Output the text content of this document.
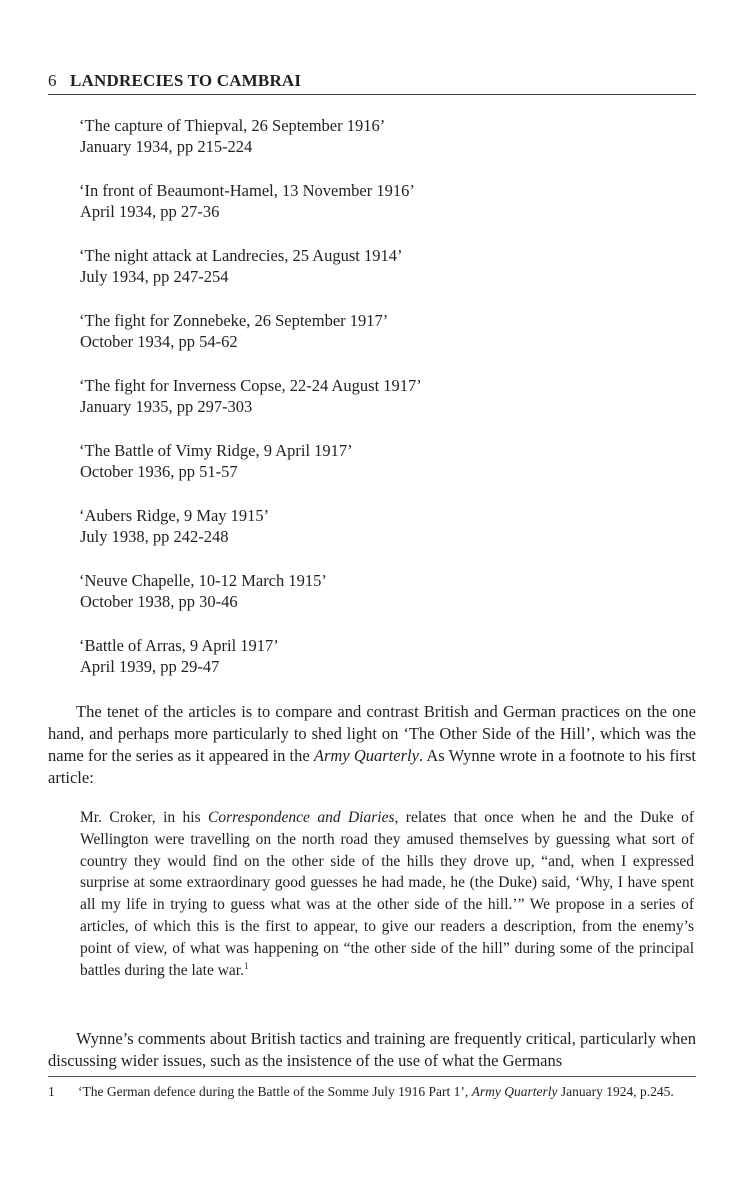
6 LANDRECIES TO CAMBRAI
‘The capture of Thiepval, 26 September 1916’
January 1934, pp 215-224
‘In front of Beaumont-Hamel, 13 November 1916’
April 1934, pp 27-36
‘The night attack at Landrecies, 25 August 1914’
July 1934, pp 247-254
‘The fight for Zonnebeke, 26 September 1917’
October 1934, pp 54-62
‘The fight for Inverness Copse, 22-24 August 1917’
January 1935, pp 297-303
‘The Battle of Vimy Ridge, 9 April 1917’
October 1936, pp 51-57
‘Aubers Ridge, 9 May 1915’
July 1938, pp 242-248
‘Neuve Chapelle, 10-12 March 1915’
October 1938, pp 30-46
‘Battle of Arras, 9 April 1917’
April 1939, pp 29-47

The tenet of the articles is to compare and contrast British and German practices on the one hand, and perhaps more particularly to shed light on ‘The Other Side of the Hill’, which was the name for the series as it appeared in the Army Quarterly. As Wynne wrote in a footnote to his first article:

Mr. Croker, in his Correspondence and Diaries, relates that once when he and the Duke of Wellington were travelling on the north road they amused themselves by guessing what sort of country they would find on the other side of the hills they drove up, “and, when I expressed surprise at some extraordinary good guesses he had made, he (the Duke) said, ‘Why, I have spent all my life in trying to guess what was at the other side of the hill.’” We propose in a series of articles, of which this is the first to appear, to give our readers a description, from the enemy’s point of view, of what was happening on “the other side of the hill” during some of the principal battles during the late war.$^1$

Wynne’s comments about British tactics and training are frequently critical, particularly when discussing wider issues, such as the insistence of the use of what the Germans

1	‘The German defence during the Battle of the Somme July 1916 Part 1’, Army Quarterly January 1924, p.245.
